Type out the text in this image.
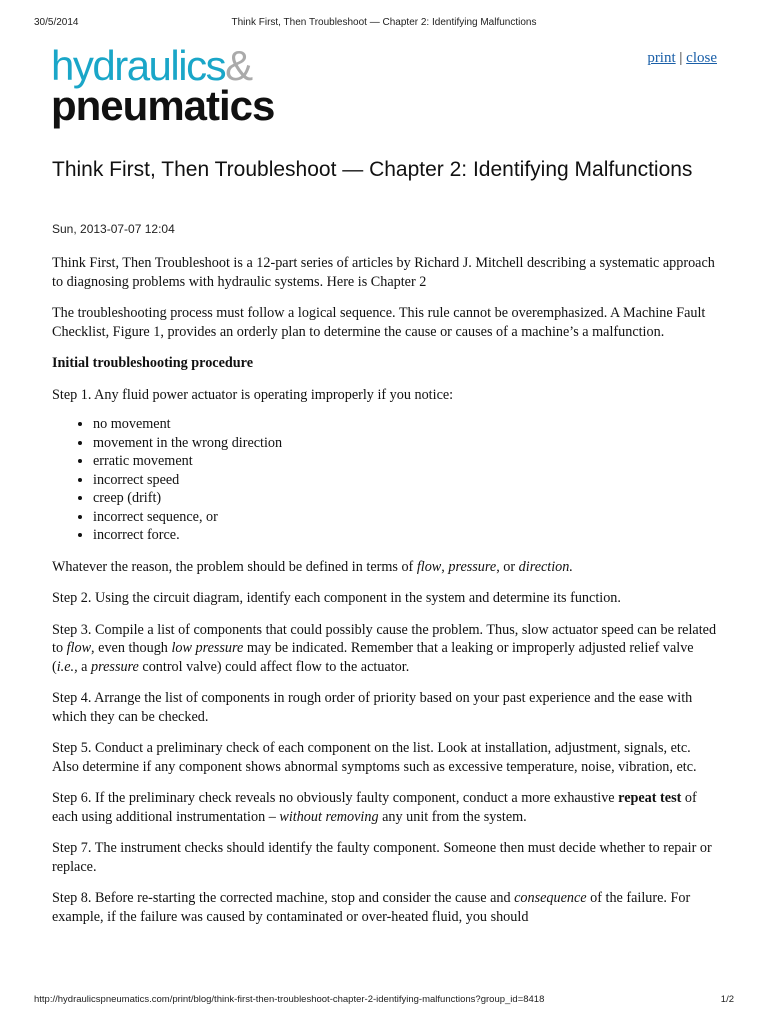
30/5/2014	Think First, Then Troubleshoot — Chapter 2: Identifying Malfunctions
hydraulics&
pneumatics
print | close
Think First, Then Troubleshoot — Chapter 2: Identifying Malfunctions
Sun, 2013-07-07 12:04

Think First, Then Troubleshoot is a 12-part series of articles by Richard J. Mitchell describing a systematic approach to diagnosing problems with hydraulic systems. Here is Chapter 2

The troubleshooting process must follow a logical sequence. This rule cannot be overemphasized. A Machine Fault Checklist, Figure 1, provides an orderly plan to determine the cause or causes of a machine’s a malfunction.

Initial troubleshooting procedure

Step 1. Any fluid power actuator is operating improperly if you notice:

• no movement
• movement in the wrong direction
• erratic movement
• incorrect speed
• creep (drift)
• incorrect sequence, or
• incorrect force.

Whatever the reason, the problem should be defined in terms of flow, pressure, or direction.

Step 2. Using the circuit diagram, identify each component in the system and determine its function.

Step 3. Compile a list of components that could possibly cause the problem. Thus, slow actuator speed can be related to flow, even though low pressure may be indicated. Remember that a leaking or improperly adjusted relief valve (i.e., a pressure control valve) could affect flow to the actuator.

Step 4. Arrange the list of components in rough order of priority based on your past experience and the ease with which they can be checked.

Step 5. Conduct a preliminary check of each component on the list. Look at installation, adjustment, signals, etc. Also determine if any component shows abnormal symptoms such as excessive temperature, noise, vibration, etc.

Step 6. If the preliminary check reveals no obviously faulty component, conduct a more exhaustive repeat test of each using additional instrumentation – without removing any unit from the system.

Step 7. The instrument checks should identify the faulty component. Someone then must decide whether to repair or replace.

Step 8. Before re-starting the corrected machine, stop and consider the cause and consequence of the failure. For example, if the failure was caused by contaminated or over-heated fluid, you should

http://hydraulicspneumatics.com/print/blog/think-first-then-troubleshoot-chapter-2-identifying-malfunctions?group_id=8418	1/2
